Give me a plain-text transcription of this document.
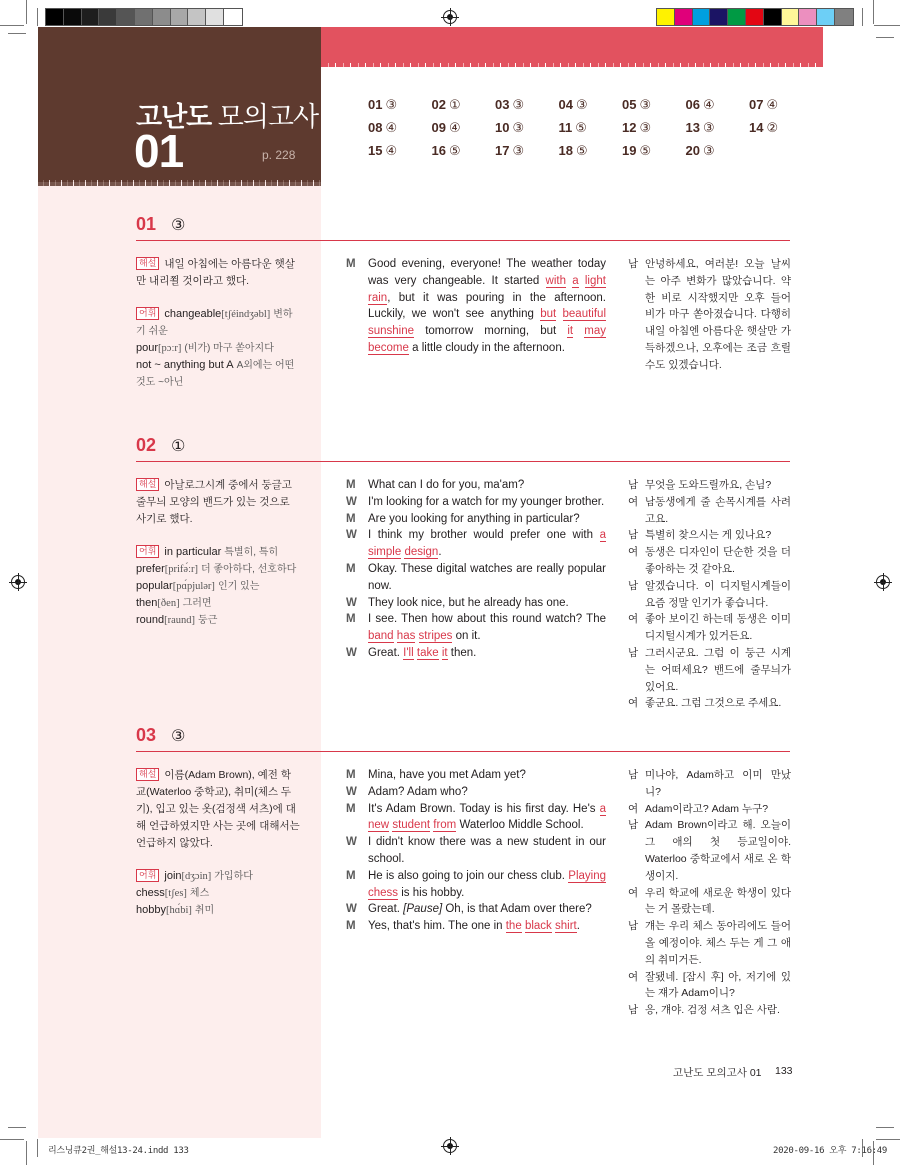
고난도 모의고사
01	p. 228
01 ③	02 ①	03 ③	04 ③	05 ③	06 ④	07 ④
08 ④	09 ④	10 ③	11 ⑤	12 ③	13 ③	14 ②
15 ④	16 ⑤	17 ③	18 ⑤	19 ⑤	20 ③
01 ③

해설 내일 아침에는 아름다운 햇살만 내리쬘 것이라고 했다.

어휘 changeable[tʃéindʒəbl] 변하기 쉬운
pour[pɔːr] (비가) 마구 쏟아지다
not ~ anything but A A외에는 어떤 것도 ~아닌

M	Good evening, everyone! The weather today was very changeable. It started with a light rain, but it was pouring in the afternoon. Luckily, we won't see anything but beautiful sunshine tomorrow morning, but it may become a little cloudy in the afternoon.
남 안녕하세요, 여러분! 오늘 날씨는 아주 변화가 많았습니다. 약한 비로 시작했지만 오후 들어 비가 마구 쏟아졌습니다. 다행히 내일 아침엔 아름다운 햇살만 가득하겠으나, 오후에는 조금 흐릴 수도 있겠습니다.
02 ①

해설 아날로그시계 중에서 둥글고 줄무늬 모양의 밴드가 있는 것으로 사기로 했다.

어휘 in particular 특별히, 특히
prefer[prifə́ːr] 더 좋아하다, 선호하다
popular[pɑ́pjulər] 인기 있는
then[ðen] 그러면
round[raund] 둥근

M	What can I do for you, ma'am?
W I'm looking for a watch for my younger brother.
M	Are you looking for anything in particular?
W I think my brother would prefer one with a simple design.
M	Okay. These digital watches are really popular now.
W They look nice, but he already has one.
M	I see. Then how about this round watch? The band has stripes on it.
W Great. I'll take it then.
남 무엇을 도와드릴까요, 손님?
여 남동생에게 줄 손목시계를 사려고요.
남 특별히 찾으시는 게 있나요?
여 동생은 디자인이 단순한 것을 더 좋아하는 것 같아요.
남 알겠습니다. 이 디지털시계들이 요즘 정말 인기가 좋습니다.
여 좋아 보이긴 하는데 동생은 이미 디지털시계가 있거든요.
남 그러시군요. 그럼 이 둥근 시계는 어떠세요? 밴드에 줄무늬가 있어요.
여 좋군요. 그럼 그것으로 주세요.
03 ③

해설 이름(Adam Brown), 예전 학교(Waterloo 중학교), 취미(체스 두기), 입고 있는 옷(검정색 셔츠)에 대해 언급하였지만 사는 곳에 대해서는 언급하지 않았다.

어휘 join[dʒɔin] 가입하다
chess[tʃes] 체스
hobby[hɑ́bi] 취미

M	Mina, have you met Adam yet?
W Adam? Adam who?
M	It's Adam Brown. Today is his first day. He's a new student from Waterloo Middle School.
W I didn't know there was a new student in our school.
M	He is also going to join our chess club. Playing chess is his hobby.
W Great. [Pause] Oh, is that Adam over there?
M	Yes, that's him. The one in the black shirt.
남 미나야, Adam하고 이미 만났니?
여 Adam이라고? Adam 누구?
남 Adam Brown이라고 해. 오늘이 그 애의 첫 등교일이야. Waterloo 중학교에서 새로 온 학생이지.
여 우리 학교에 새로운 학생이 있다는 거 몰랐는데.
남 걔는 우리 체스 동아리에도 들어올 예정이야. 체스 두는 게 그 애의 취미거든.
여 잘됐네. [잠시 후] 아, 저기에 있는 쟤가 Adam이니?
남 응, 걔야. 검정 셔츠 입은 사람.
고난도 모의고사 01 133
리스닝큐2권_해설13-24.indd 133	2020-09-16 오후 7:16:49
